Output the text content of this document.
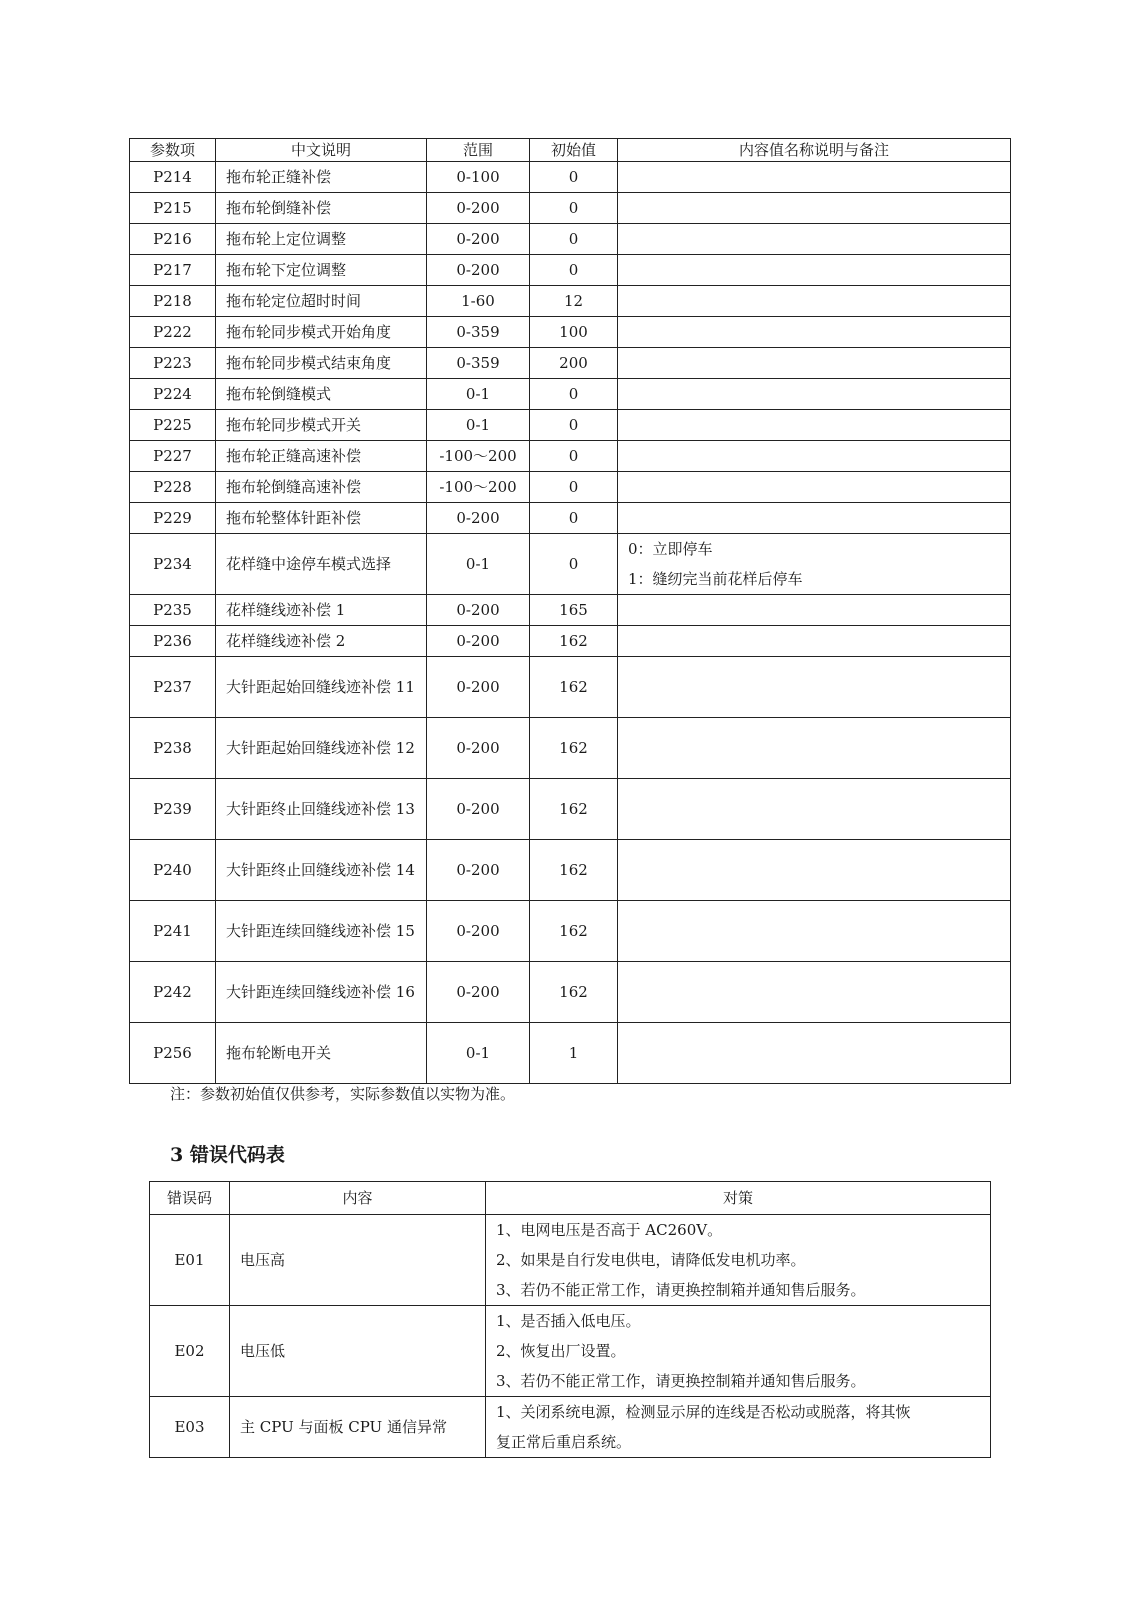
参数项	中文说明	范围	初始值	内容值名称说明与备注
P214	拖布轮正缝补偿	0-100	0	
P215	拖布轮倒缝补偿	0-200	0	
P216	拖布轮上定位调整	0-200	0	
P217	拖布轮下定位调整	0-200	0	
P218	拖布轮定位超时时间	1-60	12	
P222	拖布轮同步模式开始角度	0-359	100	
P223	拖布轮同步模式结束角度	0-359	200	
P224	拖布轮倒缝模式	0-1	0	
P225	拖布轮同步模式开关	0-1	0	
P227	拖布轮正缝高速补偿	-100～200	0	
P228	拖布轮倒缝高速补偿	-100～200	0	
P229	拖布轮整体针距补偿	0-200	0	
P234	花样缝中途停车模式选择	0-1	0	0：立即停车
1：缝纫完当前花样后停车

P235	花样缝线迹补偿 1	0-200	165	
P236	花样缝线迹补偿 2	0-200	162	
P237	大针距起始回缝线迹补偿 11	0-200	162	
P238	大针距起始回缝线迹补偿 12	0-200	162	
P239	大针距终止回缝线迹补偿 13	0-200	162	
P240	大针距终止回缝线迹补偿 14	0-200	162	
P241	大针距连续回缝线迹补偿 15	0-200	162	
P242	大针距连续回缝线迹补偿 16	0-200	162	
P256	拖布轮断电开关	0-1	1	
注：参数初始值仅供参考，实际参数值以实物为准。
3 错误代码表
错误码	内容	对策
E01	电压高	1、电网电压是否高于 AC260V。
2、如果是自行发电供电，请降低发电机功率。
3、若仍不能正常工作，请更换控制箱并通知售后服务。

E02	电压低	1、是否插入低电压。
2、恢复出厂设置。
3、若仍不能正常工作，请更换控制箱并通知售后服务。

E03	主 CPU 与面板 CPU 通信异常	1、关闭系统电源，检测显示屏的连线是否松动或脱落，将其恢
复正常后重启系统。
